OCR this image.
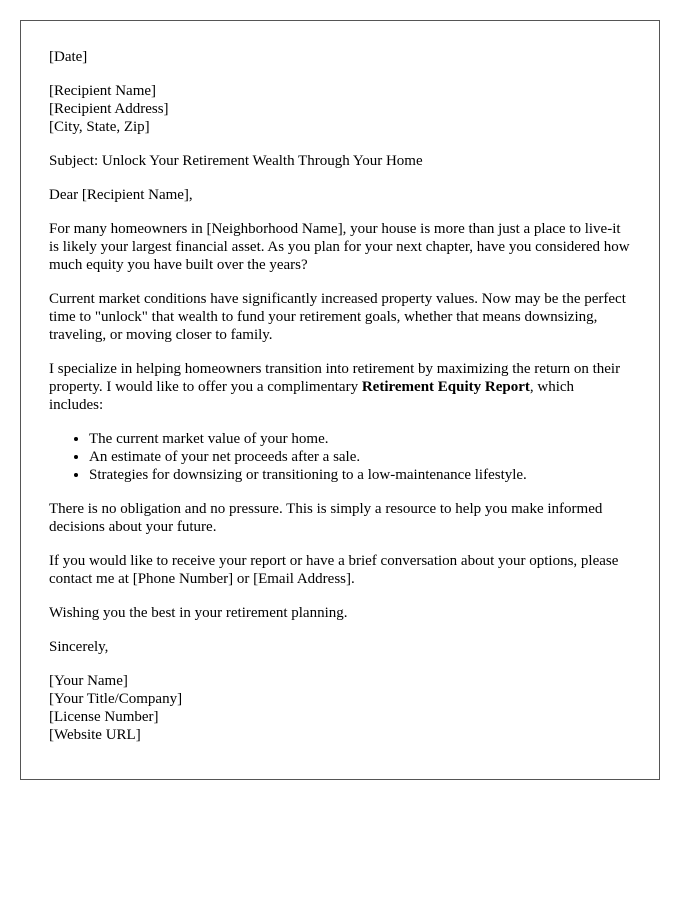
[Date]

[Recipient Name]
[Recipient Address]
[City, State, Zip]

Subject: Unlock Your Retirement Wealth Through Your Home

Dear [Recipient Name],

For many homeowners in [Neighborhood Name], your house is more than just a place to live-it is likely your largest financial asset. As you plan for your next chapter, have you considered how much equity you have built over the years?

Current market conditions have significantly increased property values. Now may be the perfect time to "unlock" that wealth to fund your retirement goals, whether that means downsizing, traveling, or moving closer to family.

I specialize in helping homeowners transition into retirement by maximizing the return on their property. I would like to offer you a complimentary Retirement Equity Report, which includes:

• The current market value of your home.
• An estimate of your net proceeds after a sale.
• Strategies for downsizing or transitioning to a low-maintenance lifestyle.

There is no obligation and no pressure. This is simply a resource to help you make informed decisions about your future.

If you would like to receive your report or have a brief conversation about your options, please contact me at [Phone Number] or [Email Address].

Wishing you the best in your retirement planning.

Sincerely,

[Your Name]
[Your Title/Company]
[License Number]
[Website URL]
